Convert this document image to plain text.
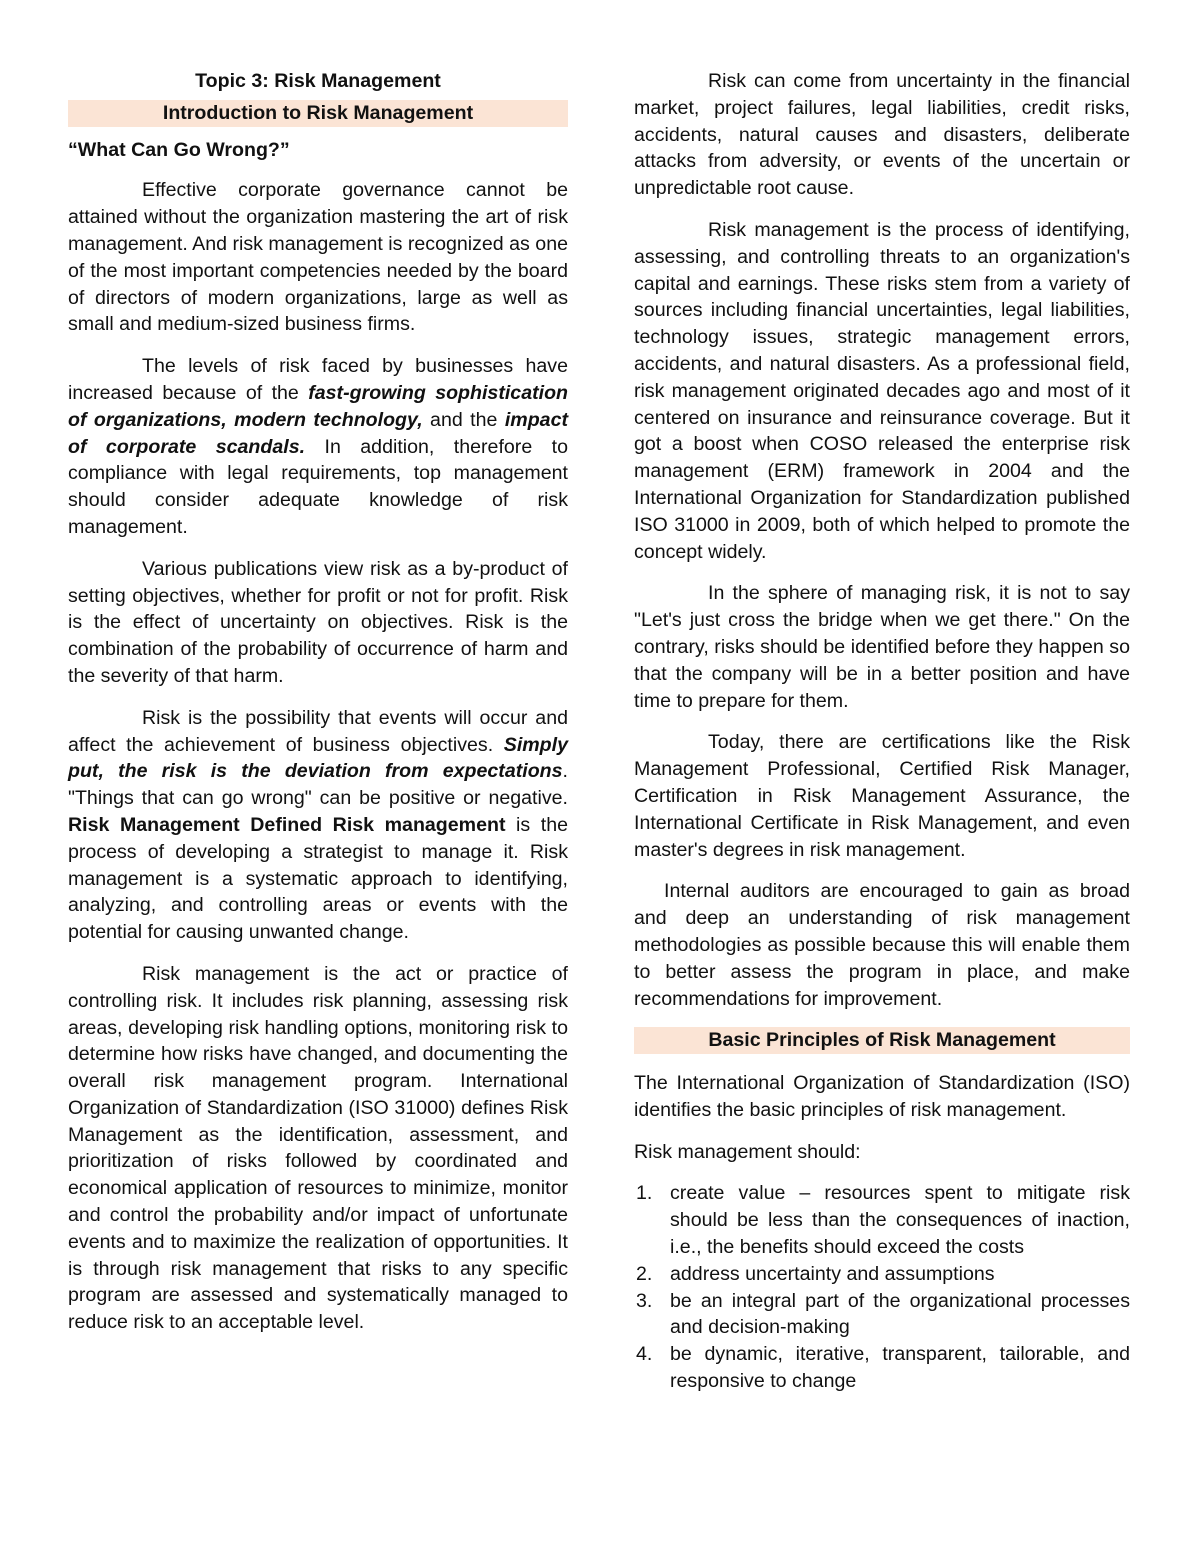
Topic 3: Risk Management
Introduction to Risk Management
“What Can Go Wrong?”

Effective corporate governance cannot be attained without the organization mastering the art of risk management. And risk management is recognized as one of the most important competencies needed by the board of directors of modern organizations, large as well as small and medium-sized business firms.

The levels of risk faced by businesses have increased because of the fast-growing sophistication of organizations, modern technology, and the impact of corporate scandals. In addition, therefore to compliance with legal requirements, top management should consider adequate knowledge of risk management.

Various publications view risk as a by-product of setting objectives, whether for profit or not for profit. Risk is the effect of uncertainty on objectives. Risk is the combination of the probability of occurrence of harm and the severity of that harm.

Risk is the possibility that events will occur and affect the achievement of business objectives. Simply put, the risk is the deviation from expectations. "Things that can go wrong" can be positive or negative. Risk Management Defined Risk management is the process of developing a strategist to manage it. Risk management is a systematic approach to identifying, analyzing, and controlling areas or events with the potential for causing unwanted change.

Risk management is the act or practice of controlling risk. It includes risk planning, assessing risk areas, developing risk handling options, monitoring risk to determine how risks have changed, and documenting the overall risk management program. International Organization of Standardization (ISO 31000) defines Risk Management as the identification, assessment, and prioritization of risks followed by coordinated and economical application of resources to minimize, monitor and control the probability and/or impact of unfortunate events and to maximize the realization of opportunities. It is through risk management that risks to any specific program are assessed and systematically managed to reduce risk to an acceptable level.

Risk can come from uncertainty in the financial market, project failures, legal liabilities, credit risks, accidents, natural causes and disasters, deliberate attacks from adversity, or events of the uncertain or unpredictable root cause.

Risk management is the process of identifying, assessing, and controlling threats to an organization's capital and earnings. These risks stem from a variety of sources including financial uncertainties, legal liabilities, technology issues, strategic management errors, accidents, and natural disasters. As a professional field, risk management originated decades ago and most of it centered on insurance and reinsurance coverage. But it got a boost when COSO released the enterprise risk management (ERM) framework in 2004 and the International Organization for Standardization published ISO 31000 in 2009, both of which helped to promote the concept widely.

In the sphere of managing risk, it is not to say "Let's just cross the bridge when we get there." On the contrary, risks should be identified before they happen so that the company will be in a better position and have time to prepare for them.

Today, there are certifications like the Risk Management Professional, Certified Risk Manager, Certification in Risk Management Assurance, the International Certificate in Risk Management, and even master's degrees in risk management.

Internal auditors are encouraged to gain as broad and deep an understanding of risk management methodologies as possible because this will enable them to better assess the program in place, and make recommendations for improvement.

Basic Principles of Risk Management

The International Organization of Standardization (ISO) identifies the basic principles of risk management.

Risk management should:

1. create value – resources spent to mitigate risk should be less than the consequences of inaction, i.e., the benefits should exceed the costs
2. address uncertainty and assumptions
3. be an integral part of the organizational processes and decision-making
4. be dynamic, iterative, transparent, tailorable, and responsive to change
